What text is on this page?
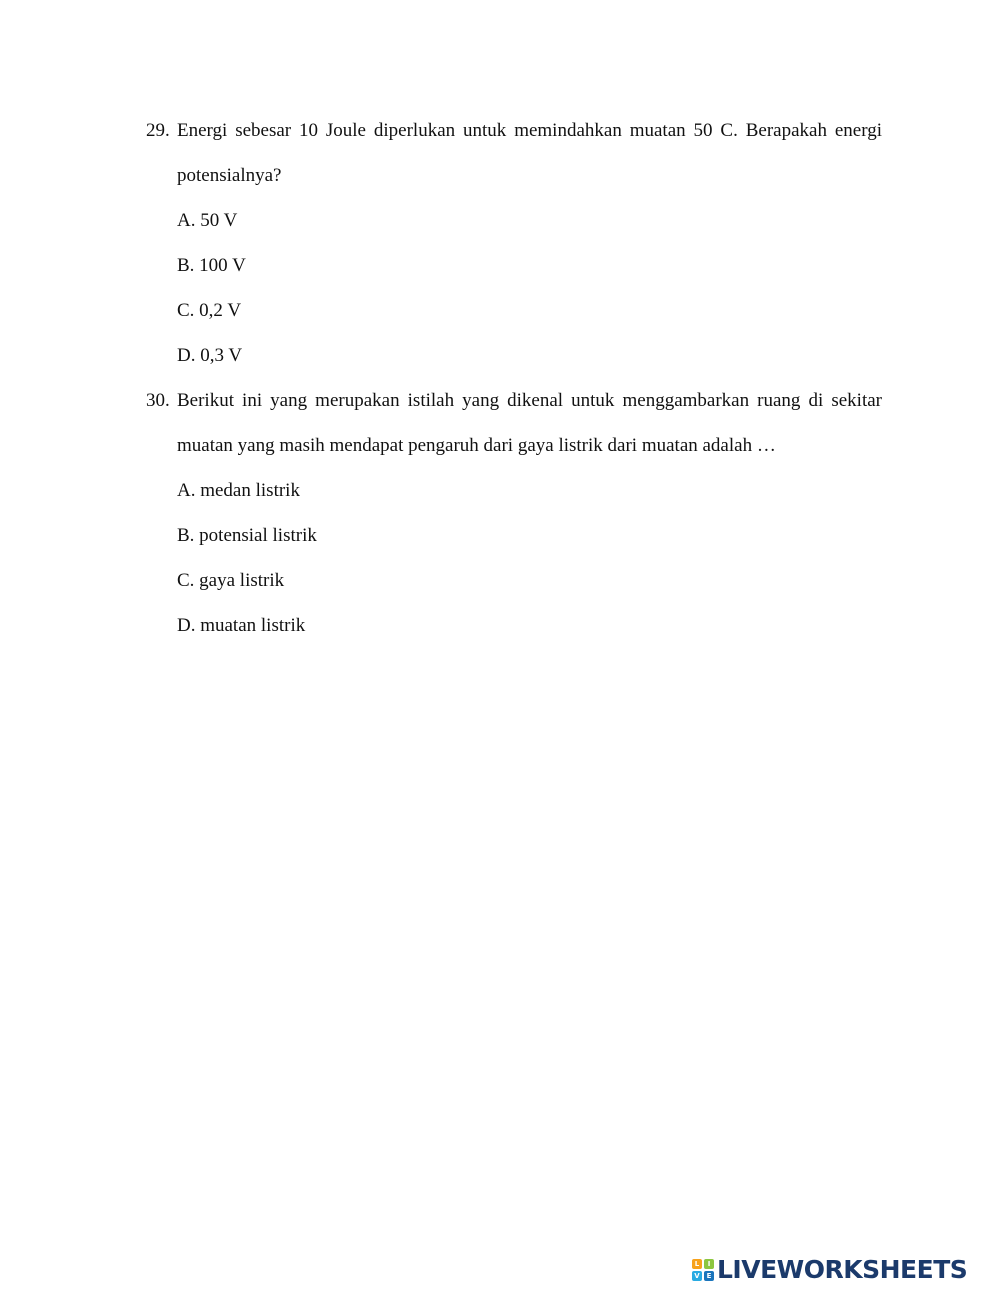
29. Energi sebesar 10 Joule diperlukan untuk memindahkan muatan 50 C. Berapakah energi
potensialnya?
A. 50 V
B. 100 V
C. 0,2 V
D. 0,3 V
30. Berikut ini yang merupakan istilah yang dikenal untuk menggambarkan ruang di sekitar
muatan yang masih mendapat pengaruh dari gaya listrik dari muatan adalah …
A. medan listrik
B. potensial listrik
C. gaya listrik
D. muatan listrik
L	I
V E LIVEWORKSHEETS
